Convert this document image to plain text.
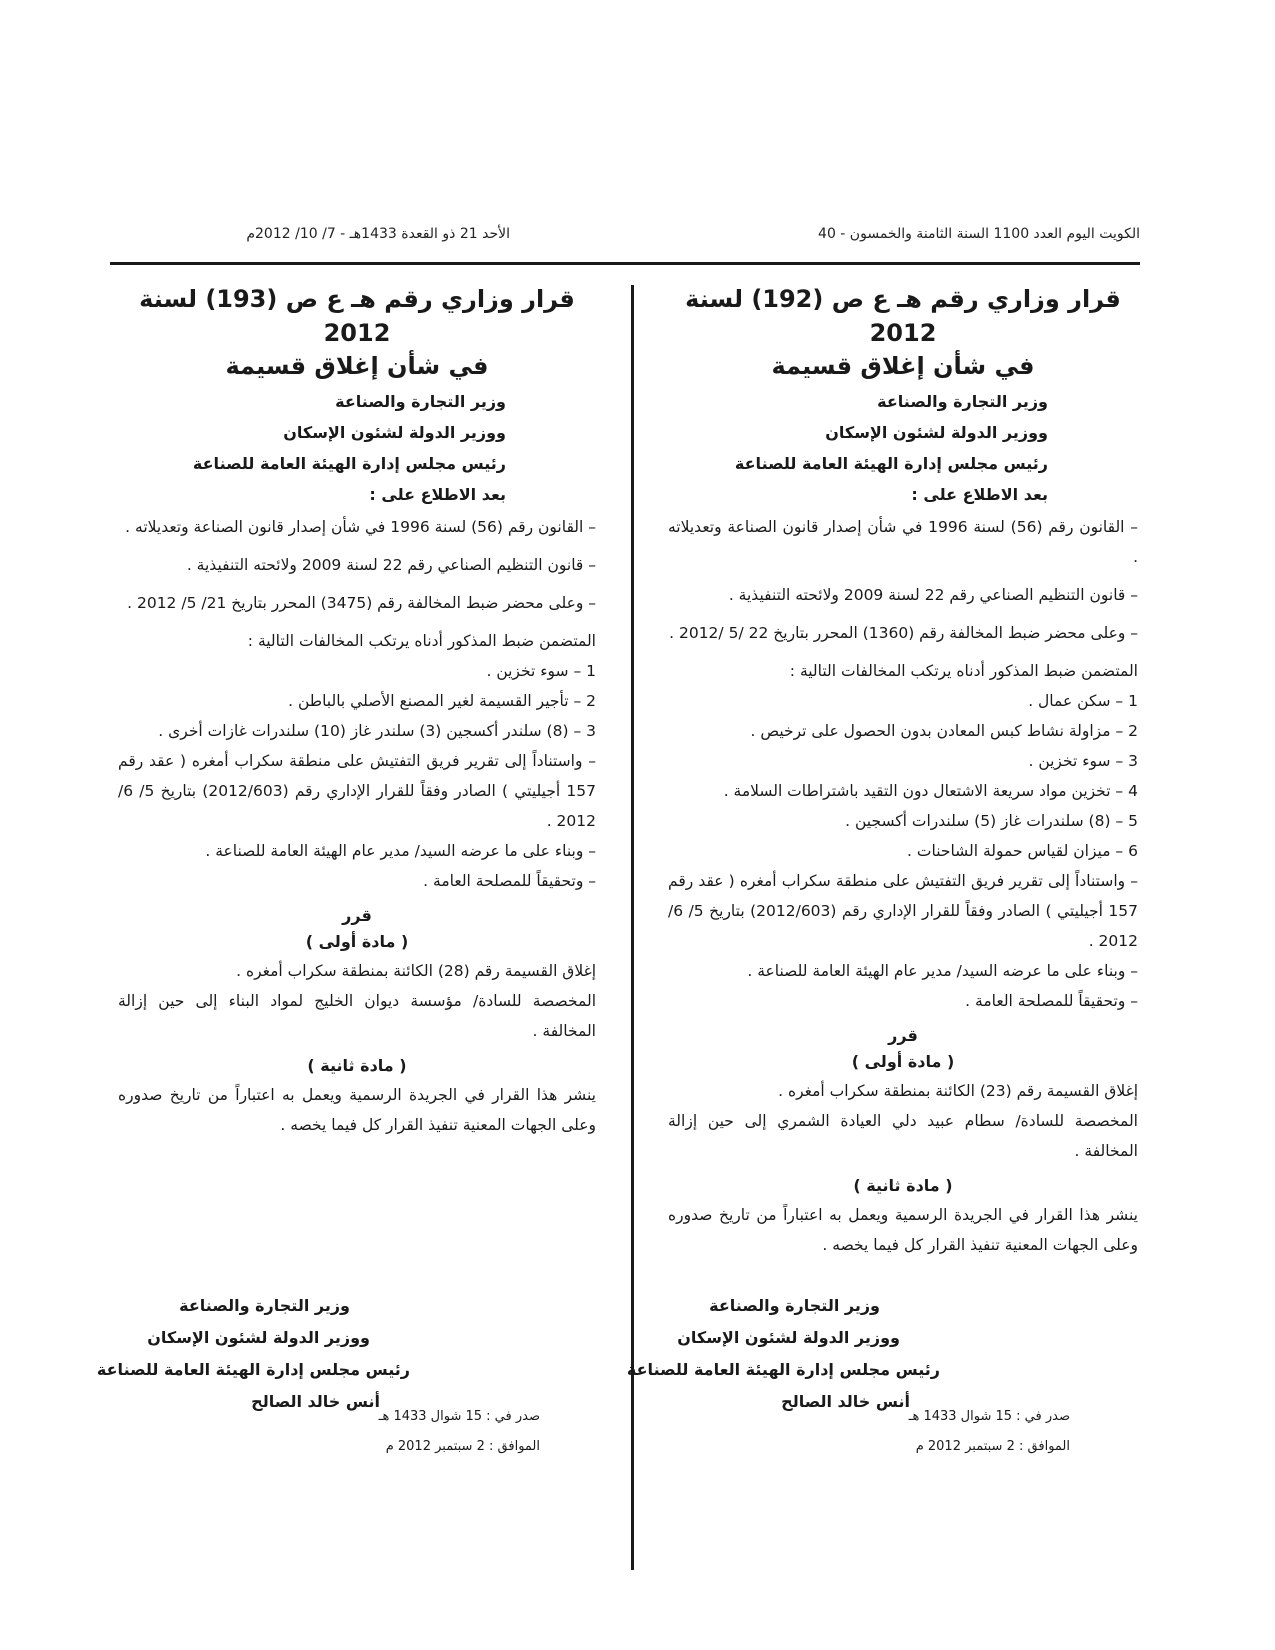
الكويت اليوم العدد 1100 السنة الثامنة والخمسون - 40
الأحد 21 ذو القعدة 1433هـ - 7/ 10/ 2012م

قرار وزاري رقم هـ ع ص (192) لسنة 2012

في شأن إغلاق قسيمة

وزير التجارة والصناعة

ووزير الدولة لشئون الإسكان

رئيس مجلس إدارة الهيئة العامة للصناعة

بعد الاطلاع على :

– القانون رقم (56) لسنة 1996 في شأن إصدار قانون الصناعة وتعديلاته .

– قانون التنظيم الصناعي رقم 22 لسنة 2009 ولائحته التنفيذية .

– وعلى محضر ضبط المخالفة رقم (1360) المحرر بتاريخ 22 /5 /2012 .

المتضمن ضبط المذكور أدناه يرتكب المخالفات التالية :

1 – سكن عمال .

2 – مزاولة نشاط كبس المعادن بدون الحصول على ترخيص .

3 – سوء تخزين .

4 – تخزين مواد سريعة الاشتعال دون التقيد باشتراطات السلامة .

5 – (8) سلندرات غاز (5) سلندرات أكسجين .

6 – ميزان لقياس حمولة الشاحنات .

– واستناداً إلى تقرير فريق التفتيش على منطقة سكراب أمغره ( عقد رقم 157 أجيليتي ) الصادر وفقاً للقرار الإداري رقم (2012/603) بتاريخ 5/ 6/ 2012 .

– وبناء على ما عرضه السيد/ مدير عام الهيئة العامة للصناعة .

– وتحقيقاً للمصلحة العامة .

قرر

( مادة أولى )

إغلاق القسيمة رقم (23) الكائنة بمنطقة سكراب أمغره .

المخصصة للسادة/ سطام عبيد دلي العيادة الشمري إلى حين إزالة المخالفة .

( مادة ثانية )

ينشر هذا القرار في الجريدة الرسمية ويعمل به اعتباراً من تاريخ صدوره وعلى الجهات المعنية تنفيذ القرار كل فيما يخصه .

وزير التجارة والصناعة
ووزير الدولة لشئون الإسكان
رئيس مجلس إدارة الهيئة العامة للصناعة
أنس خالد الصالح
صدر في : 15 شوال 1433 هـ
الموافق : 2 سبتمبر 2012 م

قرار وزاري رقم هـ ع ص (193) لسنة 2012

في شأن إغلاق قسيمة

وزير التجارة والصناعة

ووزير الدولة لشئون الإسكان

رئيس مجلس إدارة الهيئة العامة للصناعة

بعد الاطلاع على :

– القانون رقم (56) لسنة 1996 في شأن إصدار قانون الصناعة وتعديلاته .

– قانون التنظيم الصناعي رقم 22 لسنة 2009 ولائحته التنفيذية .

– وعلى محضر ضبط المخالفة رقم (3475) المحرر بتاريخ 21/ 5/ 2012 .

المتضمن ضبط المذكور أدناه يرتكب المخالفات التالية :

1 – سوء تخزين .

2 – تأجير القسيمة لغير المصنع الأصلي بالباطن .

3 – (8) سلندر أكسجين (3) سلندر غاز (10) سلندرات غازات أخرى .

– واستناداً إلى تقرير فريق التفتيش على منطقة سكراب أمغره ( عقد رقم 157 أجيليتي ) الصادر وفقاً للقرار الإداري رقم (2012/603) بتاريخ 5/ 6/ 2012 .

– وبناء على ما عرضه السيد/ مدير عام الهيئة العامة للصناعة .

– وتحقيقاً للمصلحة العامة .

قرر

( مادة أولى )

إغلاق القسيمة رقم (28) الكائنة بمنطقة سكراب أمغره .

المخصصة للسادة/ مؤسسة ديوان الخليج لمواد البناء إلى حين إزالة المخالفة .

( مادة ثانية )

ينشر هذا القرار في الجريدة الرسمية ويعمل به اعتباراً من تاريخ صدوره وعلى الجهات المعنية تنفيذ القرار كل فيما يخصه .

وزير التجارة والصناعة
ووزير الدولة لشئون الإسكان
رئيس مجلس إدارة الهيئة العامة للصناعة
أنس خالد الصالح
صدر في : 15 شوال 1433 هـ
الموافق : 2 سبتمبر 2012 م
